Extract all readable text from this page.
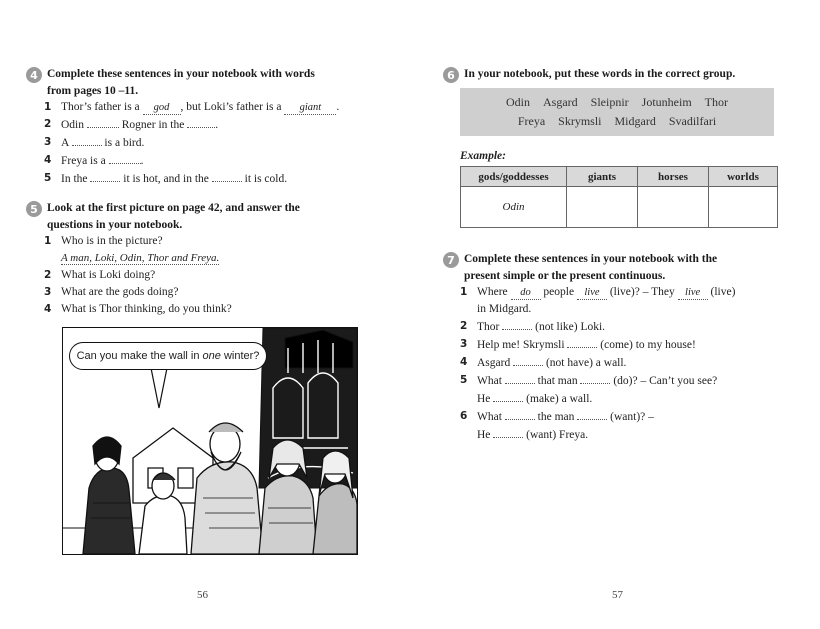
4 Complete these sentences in your notebook with words
from pages 10 –11.
1 Thor’s father is a god , but Loki’s father is a giant .
2 Odin	Rogner in the	.
3 A	is a bird.
4 Freya is a	.
5 In the	it is hot, and in the	it is cold.
5 Look at the first picture on page 42, and answer the
questions in your notebook.
1 Who is in the picture?
A man, Loki, Odin, Thor and Freya.
2 What is Loki doing?
3 What are the gods doing?
4 What is Thor thinking, do you think?
Can you make the wall in one winter?
56
6 In your notebook, put these words in the correct group.
Odin Asgard Sleipnir Jotunheim Thor
Freya Skrymsli Midgard Svadilfari
Example:
gods/goddesses	giants	horses	worlds
Odin			
7 Complete these sentences in your notebook with the
present simple or the present continuous.
1 Where do people live (live)? – They live (live)
in Midgard.
2 Thor	(not like) Loki.
3 Help me! Skrymsli	(come) to my house!
4 Asgard	(not have) a wall.
5 What	that man	(do)? – Can’t you see?
He	(make) a wall.
6 What	the man	(want)? –
He	(want) Freya.
57
